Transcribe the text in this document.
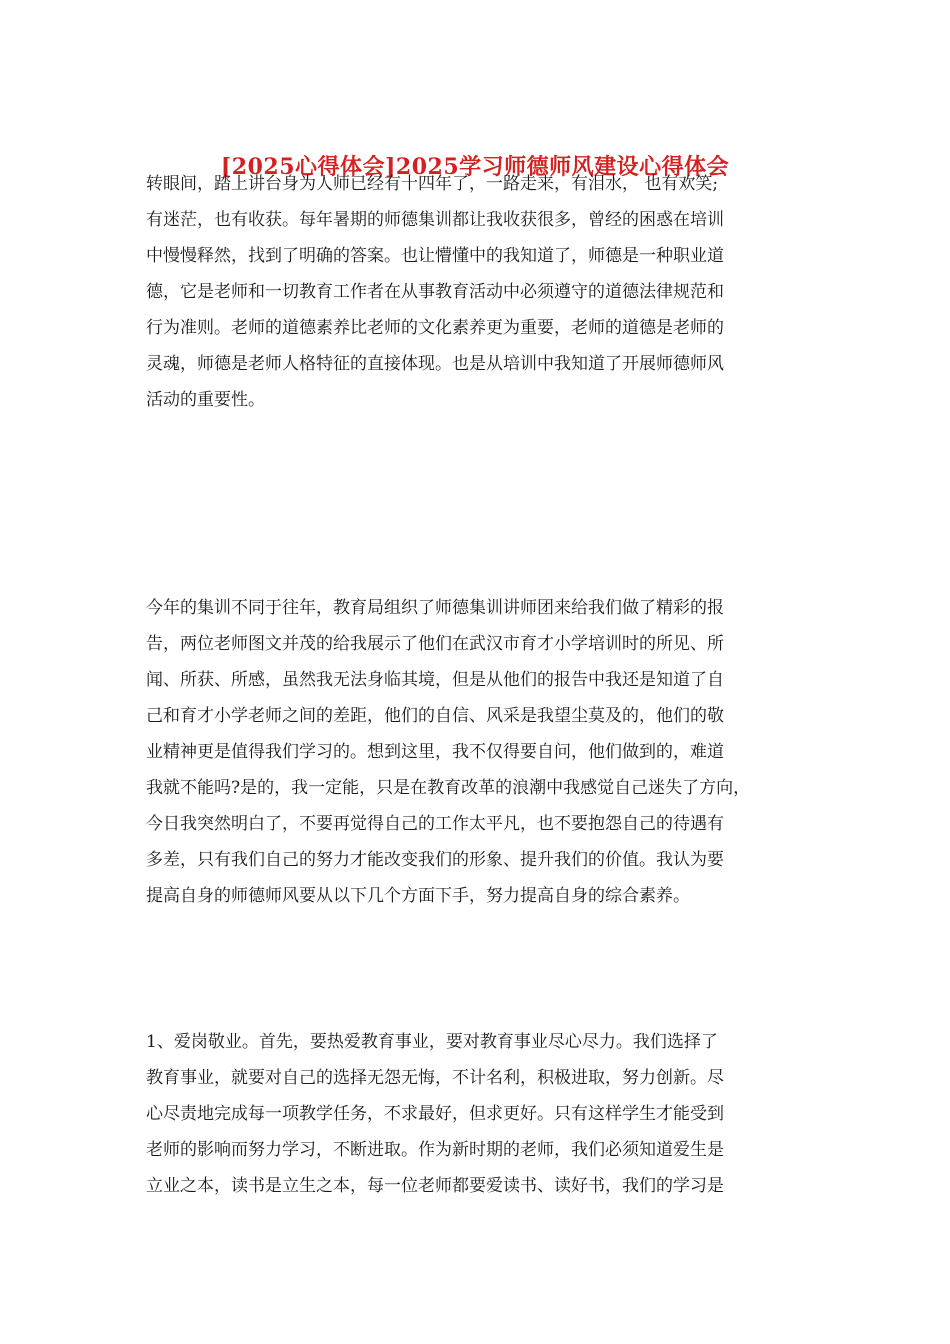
[2025心得体会]2025学习师德师风建设心得体会
转眼间，踏上讲台身为人师已经有十四年了，一路走来，有泪水， 也有欢笑;
有迷茫，也有收获。每年暑期的师德集训都让我收获很多，曾经的困惑在培训
中慢慢释然，找到了明确的答案。也让懵懂中的我知道了，师德是一种职业道
德，它是老师和一切教育工作者在从事教育活动中必须遵守的道德法律规范和
行为准则。老师的道德素养比老师的文化素养更为重要，老师的道德是老师的
灵魂，师德是老师人格特征的直接体现。也是从培训中我知道了开展师德师风
活动的重要性。
今年的集训不同于往年，教育局组织了师德集训讲师团来给我们做了精彩的报
告，两位老师图文并茂的给我展示了他们在武汉市育才小学培训时的所见、所
闻、所获、所感，虽然我无法身临其境，但是从他们的报告中我还是知道了自
己和育才小学老师之间的差距，他们的自信、风采是我望尘莫及的，他们的敬
业精神更是值得我们学习的。想到这里，我不仅得要自问，他们做到的，难道
我就不能吗?是的，我一定能，只是在教育改革的浪潮中我感觉自己迷失了方向，
今日我突然明白了，不要再觉得自己的工作太平凡，也不要抱怨自己的待遇有
多差，只有我们自己的努力才能改变我们的形象、提升我们的价值。我认为要
提高自身的师德师风要从以下几个方面下手，努力提高自身的综合素养。
1、爱岗敬业。首先，要热爱教育事业，要对教育事业尽心尽力。我们选择了
教育事业，就要对自己的选择无怨无悔，不计名利，积极进取，努力创新。尽
心尽责地完成每一项教学任务，不求最好，但求更好。只有这样学生才能受到
老师的影响而努力学习，不断进取。作为新时期的老师，我们必须知道爱生是
立业之本，读书是立生之本，每一位老师都要爱读书、读好书，我们的学习是
